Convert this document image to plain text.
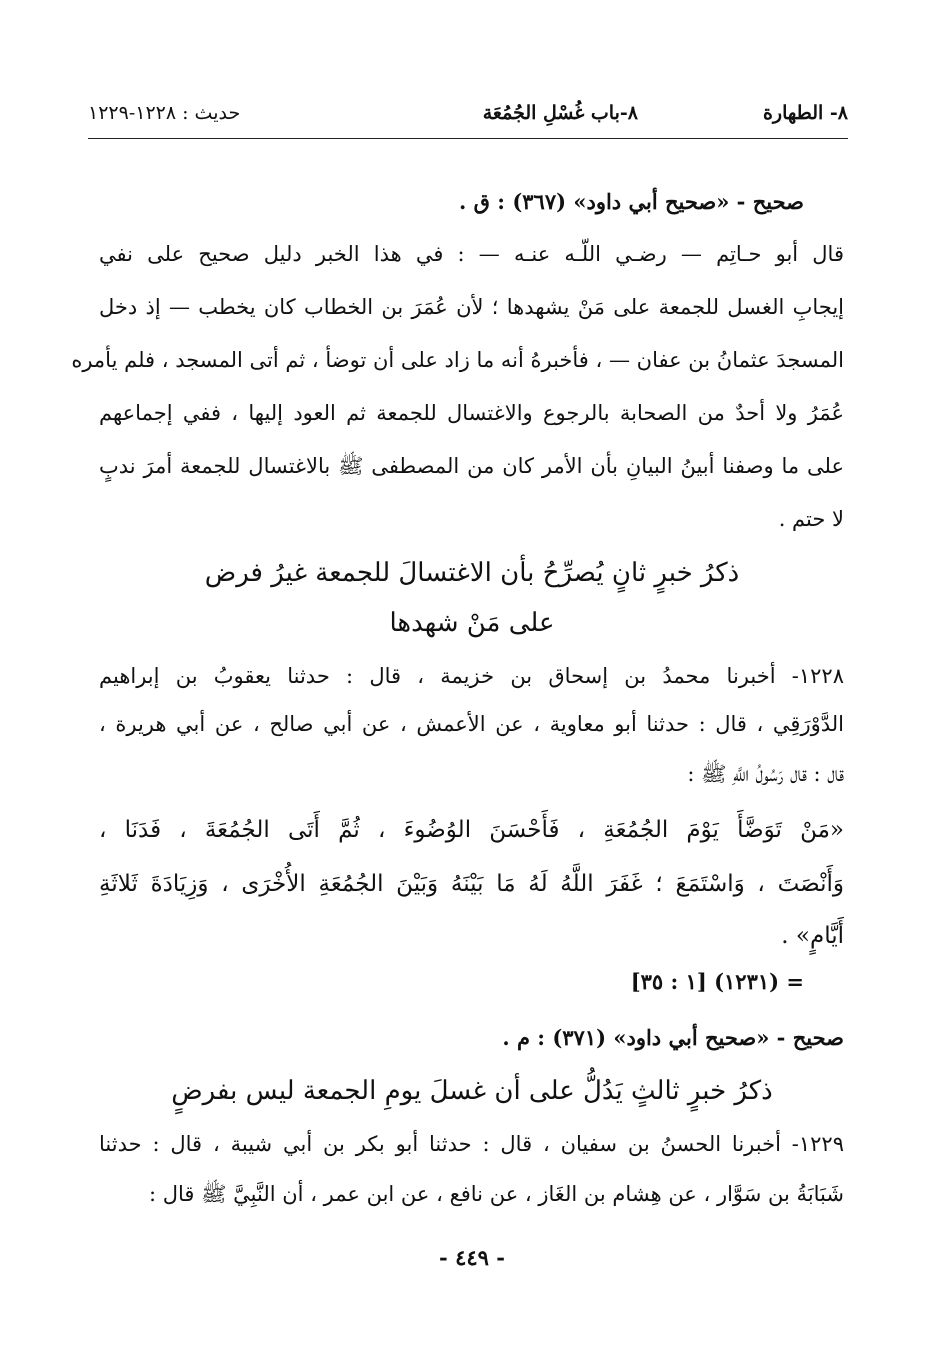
٨- الطهارة
٨-باب غُسْلِ الجُمُعَة
حديث : ١٢٢٨-١٢٢٩
صحيح - «صحيح أبي داود» (٣٦٧) : ق .
قال أبو حـاتِم — رضـي اللّـه عنـه — : في هذا الخبر دليل صحيح على نفي
إيجابِ الغسل للجمعة على مَنْ يشهدها ؛ لأن عُمَرَ بن الخطاب كان يخطب — إذ دخل
المسجدَ عثمانُ بن عفان — ، فأخبرهُ أنه ما زاد على أن توضأ ، ثم أتى المسجد ، فلم يأمره
عُمَرُ ولا أحدٌ من الصحابة بالرجوع والاغتسال للجمعة ثم العود إليها ، ففي إجماعهم
على ما وصفنا أبينُ البيانِ بأن الأمر كان من المصطفى ﷺ بالاغتسال للجمعة أمرَ ندبٍ
لا حتم .
ذكرُ خبرٍ ثانٍ يُصرِّحُ بأن الاغتسالَ للجمعة غيرُ فرض
على مَنْ شهدها
١٢٢٨- أخبرنا محمدُ بن إسحاق بن خزيمة ، قال : حدثنا يعقوبُ بن إبراهيم
الدَّوْرَقِي ، قال : حدثنا أبو معاوية ، عن الأعمش ، عن أبي صالح ، عن أبي هريرة ،
قال : قال رَسُولُ اللَّهِ ﷺ :
«مَنْ تَوَضَّأَ يَوْمَ الجُمُعَةِ ، فَأَحْسَنَ الوُضُوءَ ، ثُمَّ أَتَى الجُمُعَةَ ، فَدَنَا ،
وَأَنْصَتَ ، وَاسْتَمَعَ ؛ غَفَرَ اللَّهُ لَهُ مَا بَيْنَهُ وَبَيْنَ الجُمُعَةِ الأُخْرَى ، وَزِيَادَةَ ثَلاثَةِ
أَيَّامٍ» .
= (١٢٣١) [١ : ٣٥]
صحيح - «صحيح أبي داود» (٣٧١) : م .
ذكرُ خبرٍ ثالثٍ يَدُلُّ على أن غسلَ يومِ الجمعة ليس بفرضٍ
١٢٢٩- أخبرنا الحسنُ بن سفيان ، قال : حدثنا أبو بكر بن أبي شيبة ، قال : حدثنا
شَبَابَةُ بن سَوَّار ، عن هِشام بن الغَاز ، عن نافع ، عن ابن عمر ، أن النَّبِيَّ ﷺ قال :
- ٤٤٩ -
